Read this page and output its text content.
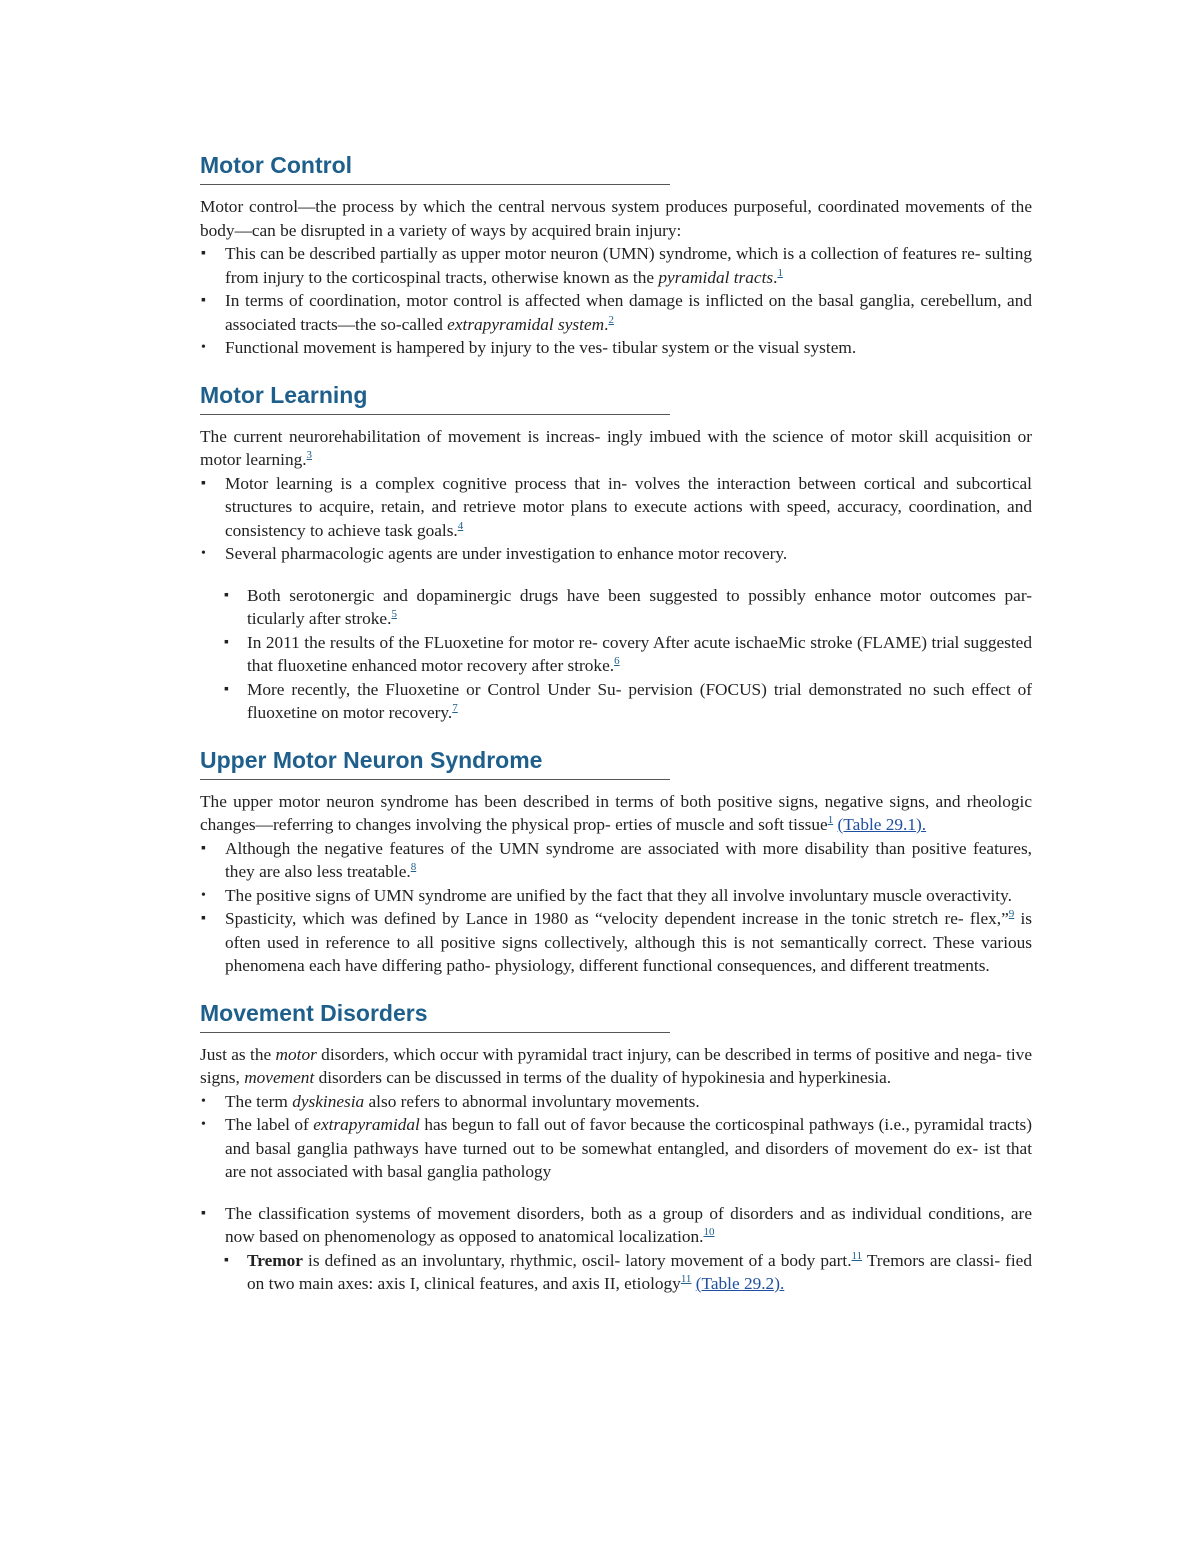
Motor Control

Motor control—the process by which the central nervous system produces purposeful, coordinated movements of the body—can be disrupted in a variety of ways by acquired brain injury:

▪	This can be described partially as upper motor neuron (UMN) syndrome, which is a collection of features re- sulting from injury to the corticospinal tracts, otherwise known as the pyramidal tracts.$^1$
▪	In terms of coordination, motor control is affected when damage is inflicted on the basal ganglia, cerebellum, and associated tracts—the so-called extrapyramidal system.$^2$
•	Functional movement is hampered by injury to the ves- tibular system or the visual system.
Motor Learning

The current neurorehabilitation of movement is increas- ingly imbued with the science of motor skill acquisition or motor learning.$^3$

▪	Motor learning is a complex cognitive process that in- volves the interaction between cortical and subcortical structures to acquire, retain, and retrieve motor plans to execute actions with speed, accuracy, coordination, and consistency to achieve task goals.$^4$
•	Several pharmacologic agents are under investigation to enhance motor recovery.
▪	Both serotonergic and dopaminergic drugs have been suggested to possibly enhance motor outcomes par- ticularly after stroke.$^5$
▪	In 2011 the results of the FLuoxetine for motor re- covery After acute ischaeMic stroke (FLAME) trial suggested that fluoxetine enhanced motor recovery after stroke.$^6$
▪	More recently, the Fluoxetine or Control Under Su- pervision (FOCUS) trial demonstrated no such effect of fluoxetine on motor recovery.$^7$
Upper Motor Neuron Syndrome

The upper motor neuron syndrome has been described in terms of both positive signs, negative signs, and rheologic changes—referring to changes involving the physical prop- erties of muscle and soft tissue$^1$ (Table 29.1).

▪	Although the negative features of the UMN syndrome are associated with more disability than positive features, they are also less treatable.$^8$
•	The positive signs of UMN syndrome are unified by the fact that they all involve involuntary muscle overactivity.
▪	Spasticity, which was defined by Lance in 1980 as “velocity dependent increase in the tonic stretch re- flex,”$^9$ is often used in reference to all positive signs collectively, although this is not semantically correct. These various phenomena each have differing patho- physiology, different functional consequences, and different treatments.
Movement Disorders

Just as the motor disorders, which occur with pyramidal tract injury, can be described in terms of positive and nega- tive signs, movement disorders can be discussed in terms of the duality of hypokinesia and hyperkinesia.

•	The term dyskinesia also refers to abnormal involuntary movements.
•	The label of extrapyramidal has begun to fall out of favor because the corticospinal pathways (i.e., pyramidal tracts) and basal ganglia pathways have turned out to be somewhat entangled, and disorders of movement do ex- ist that are not associated with basal ganglia pathology
▪	The classification systems of movement disorders, both as a group of disorders and as individual conditions, are now based on phenomenology as opposed to anatomical localization.$^{10}$
▪	Tremor is defined as an involuntary, rhythmic, oscil- latory movement of a body part.$^{11}$ Tremors are classi- fied on two main axes: axis I, clinical features, and axis II, etiology$^{11}$ (Table 29.2).
